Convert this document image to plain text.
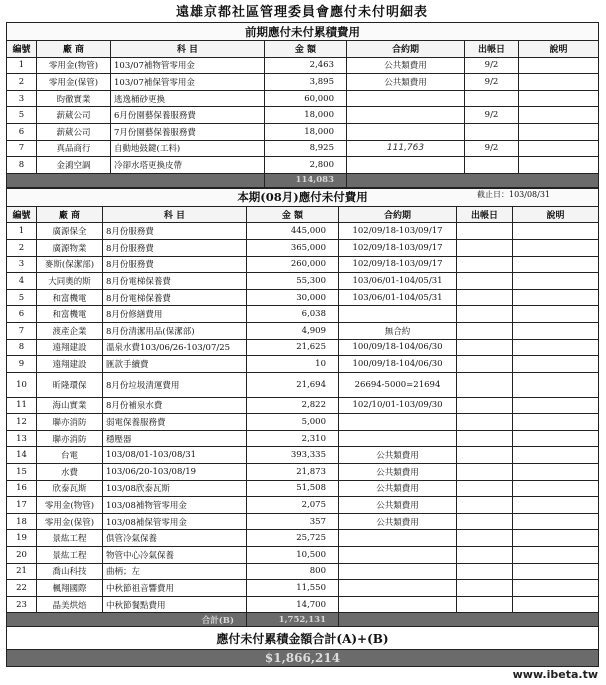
遠雄京都社區管理委員會應付未付明細表
前期應付未付累積費用						
編號	廠 商	科 目	金 額	合約期	出帳日	說明
1	零用金(物管)	103/07補物管零用金	2,463	公共類費用	9/2	
2	零用金(保管)	103/07補保管零用金	3,895	公共類費用	9/2	
3	昀徹實業	逃逸桶砂更換	60,000			
5	薪葳公司	6月份園藝保養服務費	18,000		9/2	
6	薪葳公司	7月份園藝保養服務費	18,000			
7	真品商行	自動地鼓鍵(工料)	8,925	111,763	9/2	
8	金鴻空調	冷卻水塔更換皮帶	2,800			
			114,083			
本期(08月)應付未付費用 截止日：103/08/31						

編號	廠 商	科 目	金 額	合約期	出帳日	說明
1	廣源保全	8月份服務費	445,000	102/09/18-103/09/17		
2	廣源物業	8月份服務費	365,000	102/09/18-103/09/17		
3	麥斯(保潔部)	8月份服務費	260,000	102/09/18-103/09/17		
4	大同奧的斯	8月份電梯保養費	55,300	103/06/01-104/05/31		
5	和富機電	8月份電梯保養費	30,000	103/06/01-104/05/31		
6	和富機電	8月份修繕費用	6,038			
7	渡產企業	8月份清潔用品(保潔部)	4,909	無合約		
8	遠翔建設	溫泉水費103/06/26-103/07/25	21,625	100/09/18-104/06/30		
9	遠翔建設	匯款手續費	10	100/09/18-104/06/30		
10	昕隆環保	8月份垃圾清運費用	21,694	26694-5000=21694		
11	海山實業	8月份補泉水費	2,822	102/10/01-103/09/30		
12	聯亦消防	弱電保養服務費	5,000			
13	聯亦消防	穩壓器	2,310			
14	台電	103/08/01-103/08/31	393,335	公共類費用		
15	水費	103/06/20-103/08/19	21,873	公共類費用		
16	欣泰瓦斯	103/08欣泰瓦斯	51,508	公共類費用		
17	零用金(物管)	103/08補物管零用金	2,075	公共類費用		
18	零用金(保管)	103/08補保管零用金	357	公共類費用		
19	景紘工程	俱管冷氣保養	25,725			
20	景紘工程	物管中心冷氣保養	10,500			
21	喬山科技	曲柄；左	800			
22	楓翔國際	中秋節祖音響費用	11,550			
23	晶美烘焙	中秋節餐點費用	14,700			
合計(B)			1,752,131			
應付未付累積金額合計(A)+(B)						
$1,866,214						
www.ibeta.tw
